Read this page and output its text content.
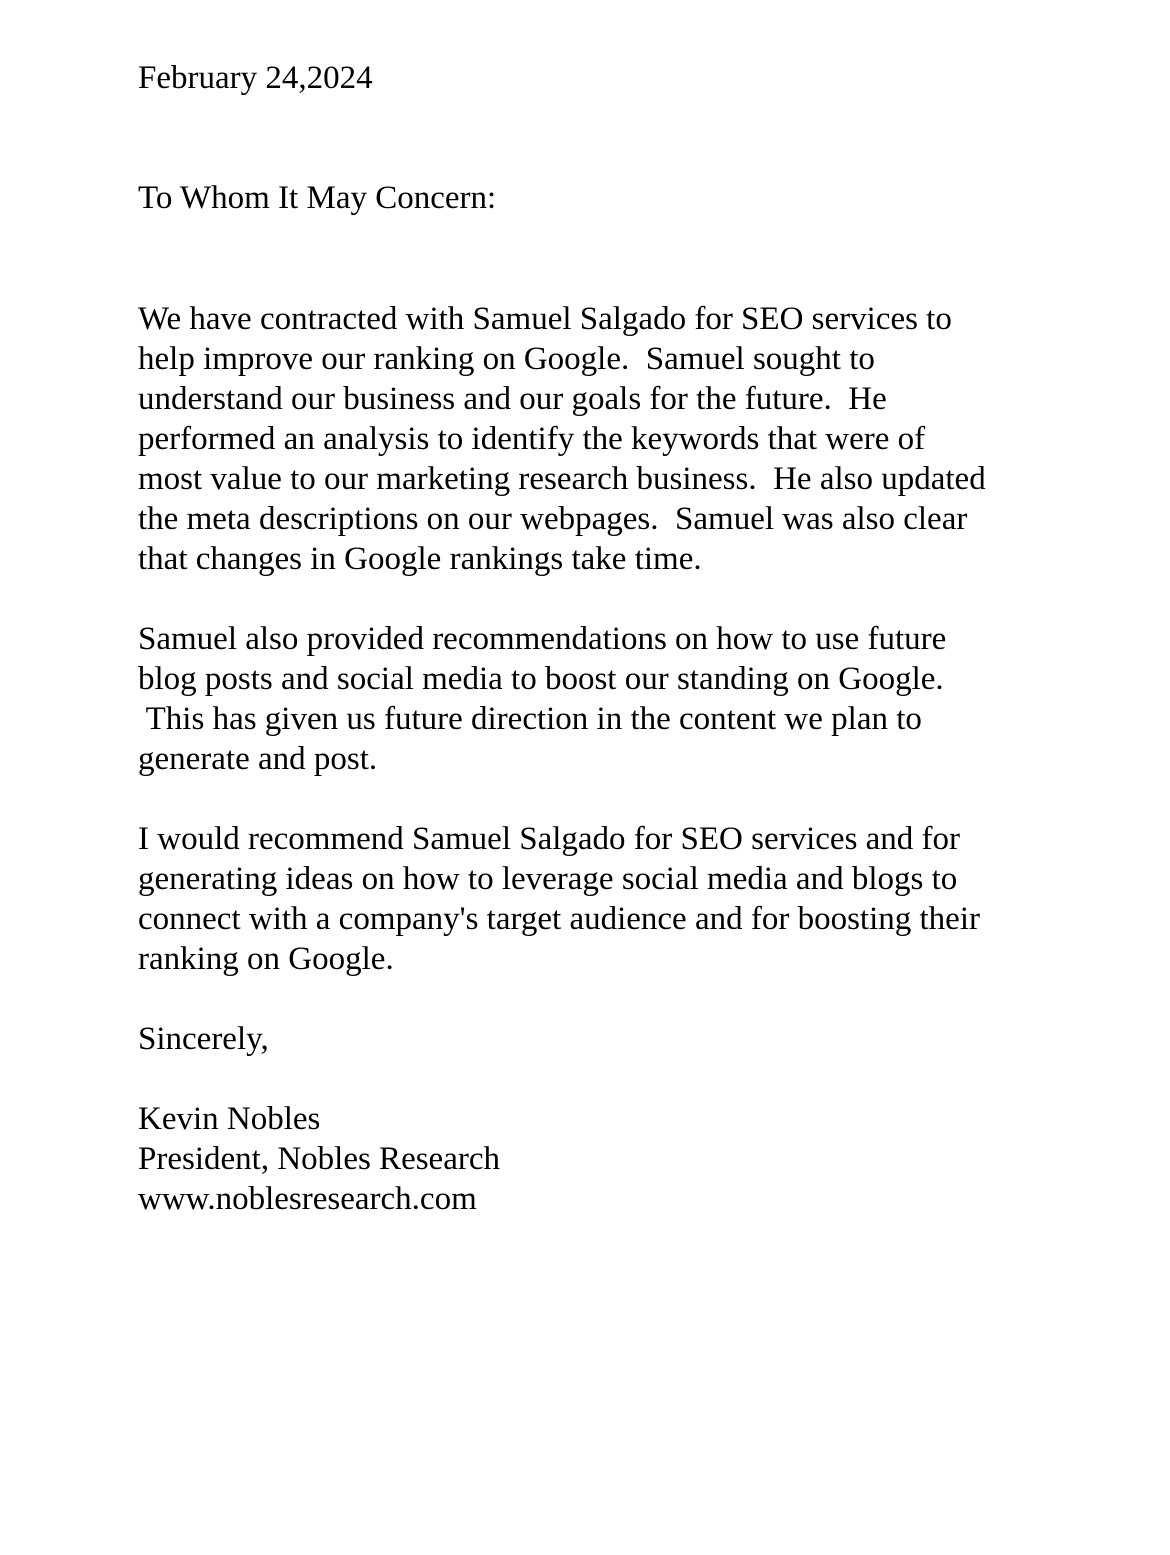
February 24,2024
To Whom It May Concern:
We have contracted with Samuel Salgado for SEO services to
help improve our ranking on Google.  Samuel sought to
understand our business and our goals for the future.  He
performed an analysis to identify the keywords that were of
most value to our marketing research business.  He also updated
the meta descriptions on our webpages.  Samuel was also clear
that changes in Google rankings take time.
Samuel also provided recommendations on how to use future
blog posts and social media to boost our standing on Google.
This has given us future direction in the content we plan to
generate and post.
I would recommend Samuel Salgado for SEO services and for
generating ideas on how to leverage social media and blogs to
connect with a company's target audience and for boosting their
ranking on Google.
Sincerely,
Kevin Nobles
President, Nobles Research
www.noblesresearch.com
